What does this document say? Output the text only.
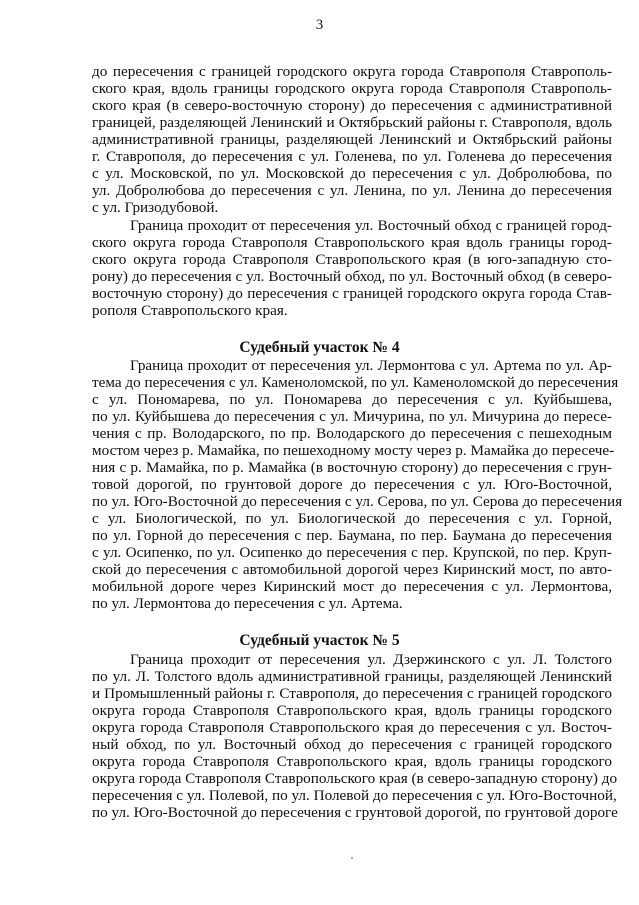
3
до пересечения с границей городского округа города Ставрополя Ставрополь-
ского края, вдоль границы городского округа города Ставрополя Ставрополь-
ского края (в северо-восточную сторону) до пересечения с административной
границей, разделяющей Ленинский и Октябрьский районы г. Ставрополя, вдоль
административной границы, разделяющей Ленинский и Октябрьский районы
г. Ставрополя, до пересечения с ул. Голенева, по ул. Голенева до пересечения
с ул. Московской, по ул. Московской до пересечения с ул. Добролюбова, по
ул. Добролюбова до пересечения с ул. Ленина, по ул. Ленина до пересечения
с ул. Гризодубовой.
Граница проходит от пересечения ул. Восточный обход с границей город-
ского округа города Ставрополя Ставропольского края вдоль границы город-
ского округа города Ставрополя Ставропольского края (в юго-западную сто-
рону) до пересечения с ул. Восточный обход, по ул. Восточный обход (в северо-
восточную сторону) до пересечения с границей городского округа города Став-
рополя Ставропольского края.
Судебный участок № 4
Граница проходит от пересечения ул. Лермонтова с ул. Артема по ул. Ар-
тема до пересечения с ул. Каменоломской, по ул. Каменоломской до пересечения
с ул. Пономарева, по ул. Пономарева до пересечения с ул. Куйбышева,
по ул. Куйбышева до пересечения с ул. Мичурина, по ул. Мичурина до пересе-
чения с пр. Володарского, по пр. Володарского до пересечения с пешеходным
мостом через р. Мамайка, по пешеходному мосту через р. Мамайка до пересече-
ния с р. Мамайка, по р. Мамайка (в восточную сторону) до пересечения с грун-
товой дорогой, по грунтовой дороге до пересечения с ул. Юго-Восточной,
по ул. Юго-Восточной до пересечения с ул. Серова, по ул. Серова до пересечения
с ул. Биологической, по ул. Биологической до пересечения с ул. Горной,
по ул. Горной до пересечения с пер. Баумана, по пер. Баумана до пересечения
с ул. Осипенко, по ул. Осипенко до пересечения с пер. Крупской, по пер. Круп-
ской до пересечения с автомобильной дорогой через Киринский мост, по авто-
мобильной дороге через Киринский мост до пересечения с ул. Лермонтова,
по ул. Лермонтова до пересечения с ул. Артема.
Судебный участок № 5
Граница проходит от пересечения ул. Дзержинского с ул. Л. Толстого
по ул. Л. Толстого вдоль административной границы, разделяющей Ленинский
и Промышленный районы г. Ставрополя, до пересечения с границей городского
округа города Ставрополя Ставропольского края, вдоль границы городского
округа города Ставрополя Ставропольского края до пересечения с ул. Восточ-
ный обход, по ул. Восточный обход до пересечения с границей городского
округа города Ставрополя Ставропольского края, вдоль границы городского
округа города Ставрополя Ставропольского края (в северо-западную сторону) до
пересечения с ул. Полевой, по ул. Полевой до пересечения с ул. Юго-Восточной,
по ул. Юго-Восточной до пересечения с грунтовой дорогой, по грунтовой дороге
